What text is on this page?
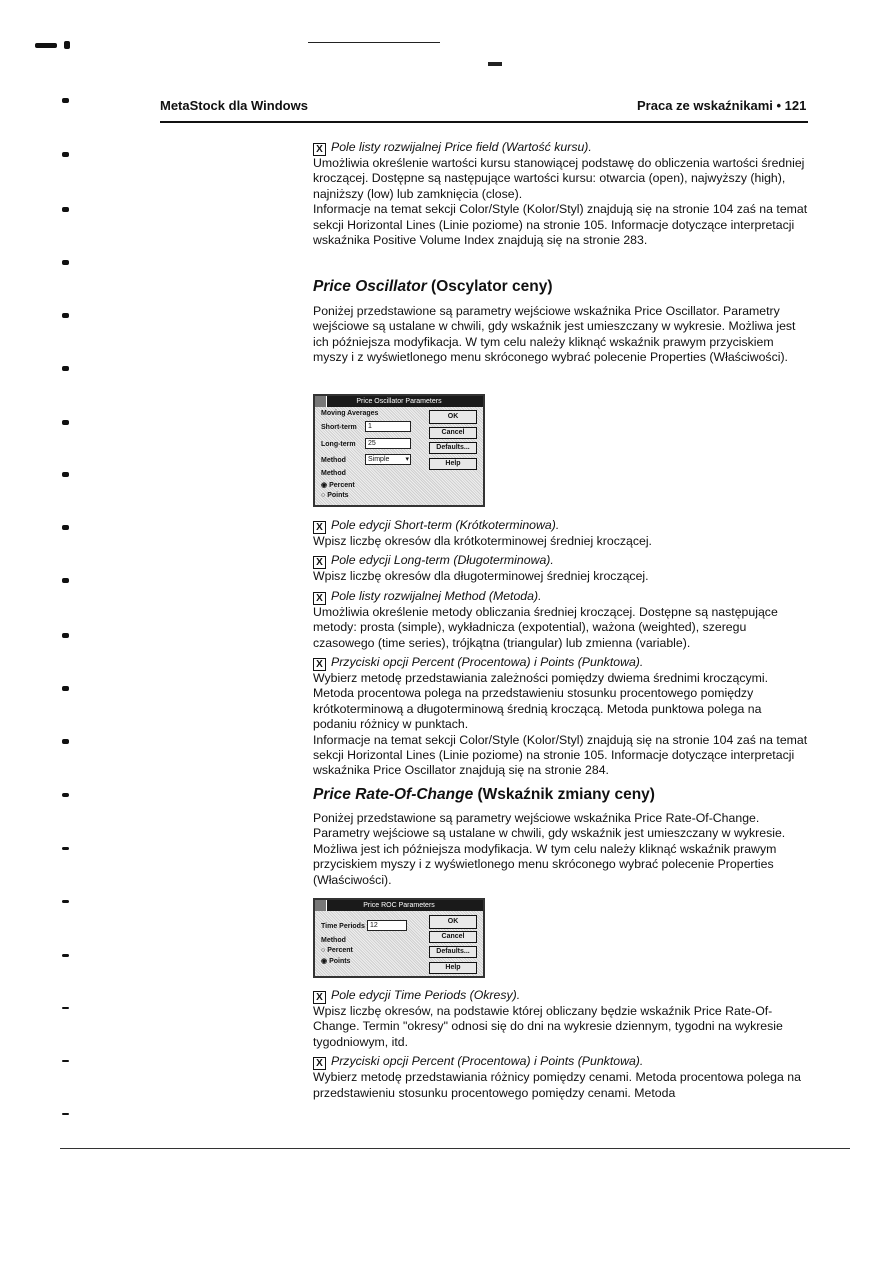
MetaStock dla Windows	Praca ze wskaźnikami • 121

X Pole listy rozwijalnej Price field (Wartość kursu).

Umożliwia określenie wartości kursu stanowiącej podstawę do obliczenia wartości średniej kroczącej. Dostępne są następujące wartości kursu: otwarcia (open), najwyższy (high), najniższy (low) lub zamknięcia (close).

Informacje na temat sekcji Color/Style (Kolor/Styl) znajdują się na stronie 104 zaś na temat sekcji Horizontal Lines (Linie poziome) na stronie 105. Informacje dotyczące interpretacji wskaźnika Positive Volume Index znajdują się na stronie 283.

Price Oscillator (Oscylator ceny)

Poniżej przedstawione są parametry wejściowe wskaźnika Price Oscillator. Parametry wejściowe są ustalane w chwili, gdy wskaźnik jest umieszczany w wykresie. Możliwa jest ich późniejsza modyfikacja. W tym celu należy kliknąć wskaźnik prawym przyciskiem myszy i z wyświetlonego menu skróconego wybrać polecenie Properties (Właściwości).

Price Oscillator Parameters
Moving Averages
Short-term	1
Long-term	25
Method	Simple ▾
Method
◉ Percent
○ Points
OK
Cancel
Defaults...
Help

X Pole edycji Short-term (Krótkoterminowa).

Wpisz liczbę okresów dla krótkoterminowej średniej kroczącej.

X Pole edycji Long-term (Długoterminowa).

Wpisz liczbę okresów dla długoterminowej średniej kroczącej.

X Pole listy rozwijalnej Method (Metoda).

Umożliwia określenie metody obliczania średniej kroczącej. Dostępne są następujące metody: prosta (simple), wykładnicza (expotential), ważona (weighted), szeregu czasowego (time series), trójkątna (triangular) lub zmienna (variable).

X Przyciski opcji Percent (Procentowa) i Points (Punktowa).

Wybierz metodę przedstawiania zależności pomiędzy dwiema średnimi kroczącymi. Metoda procentowa polega na przedstawieniu stosunku procentowego pomiędzy krótkoterminową a długoterminową średnią kroczącą. Metoda punktowa polega na podaniu różnicy w punktach.

Informacje na temat sekcji Color/Style (Kolor/Styl) znajdują się na stronie 104 zaś na temat sekcji Horizontal Lines (Linie poziome) na stronie 105. Informacje dotyczące interpretacji wskaźnika Price Oscillator znajdują się na stronie 284.

Price Rate-Of-Change (Wskaźnik zmiany ceny)

Poniżej przedstawione są parametry wejściowe wskaźnika Price Rate-Of-Change. Parametry wejściowe są ustalane w chwili, gdy wskaźnik jest umieszczany w wykresie. Możliwa jest ich późniejsza modyfikacja. W tym celu należy kliknąć wskaźnik prawym przyciskiem myszy i z wyświetlonego menu skróconego wybrać polecenie Properties (Właściwości).

Price ROC Parameters
Time Periods 12
Method
○ Percent
◉ Points
OK
Cancel
Defaults...
Help

X Pole edycji Time Periods (Okresy).

Wpisz liczbę okresów, na podstawie której obliczany będzie wskaźnik Price Rate-Of-Change. Termin "okresy" odnosi się do dni na wykresie dziennym, tygodni na wykresie tygodniowym, itd.

X Przyciski opcji Percent (Procentowa) i Points (Punktowa).

Wybierz metodę przedstawiania różnicy pomiędzy cenami. Metoda procentowa polega na przedstawieniu stosunku procentowego pomiędzy cenami. Metoda
